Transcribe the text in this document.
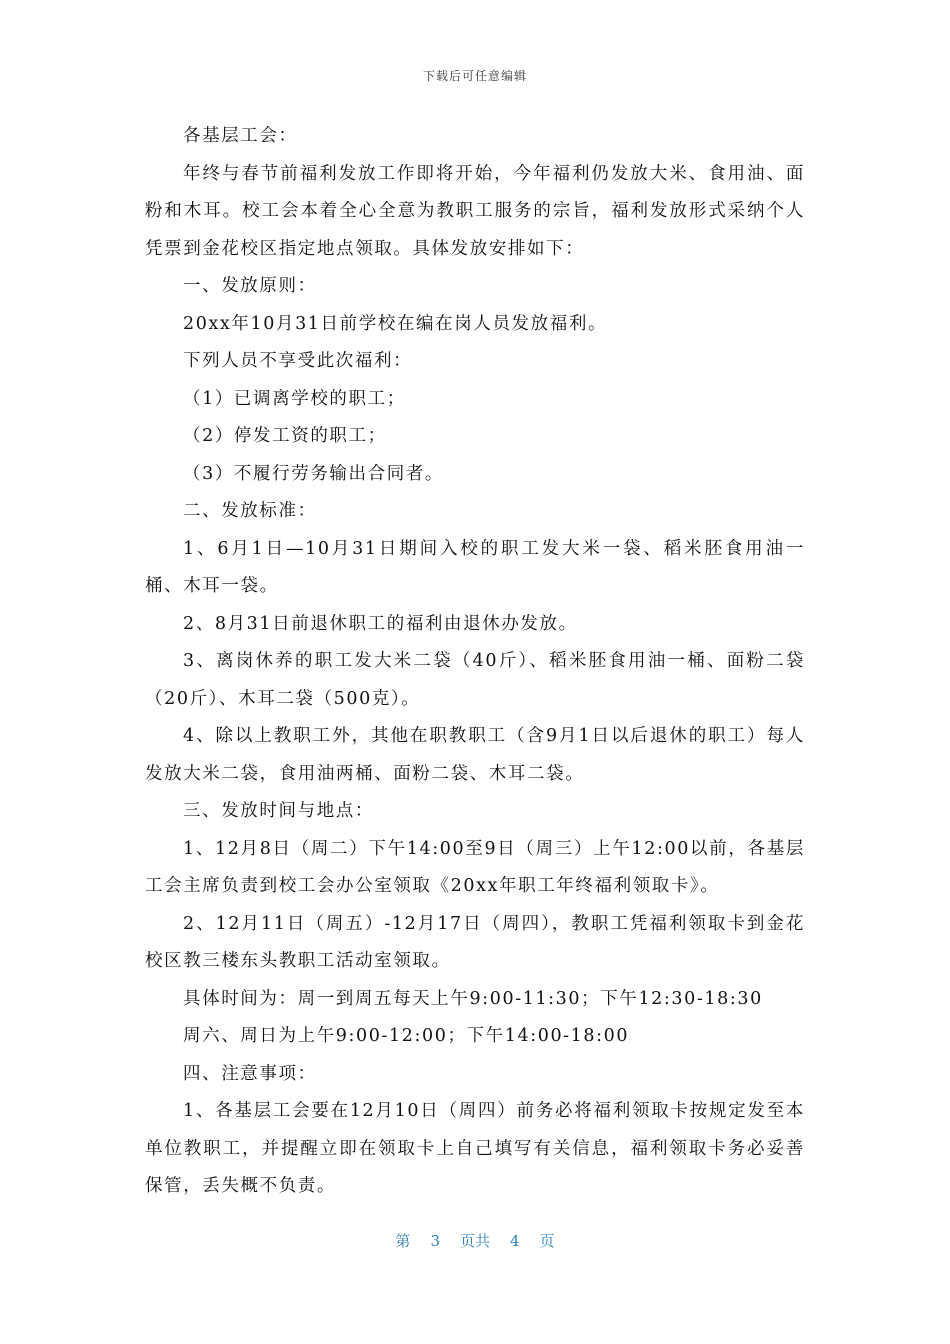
下载后可任意编辑

各基层工会：

年终与春节前福利发放工作即将开始，今年福利仍发放大米、食用油、面粉和木耳。校工会本着全心全意为教职工服务的宗旨，福利发放形式采纳个人凭票到金花校区指定地点领取。具体发放安排如下：

一、发放原则：

20xx年10月31日前学校在编在岗人员发放福利。

下列人员不享受此次福利：

（1）已调离学校的职工；

（2）停发工资的职工；

（3）不履行劳务输出合同者。

二、发放标准：

1、6月1日—10月31日期间入校的职工发大米一袋、稻米胚食用油一桶、木耳一袋。

2、8月31日前退休职工的福利由退休办发放。

3、离岗休养的职工发大米二袋（40斤）、稻米胚食用油一桶、面粉二袋（20斤）、木耳二袋（500克）。

4、除以上教职工外，其他在职教职工（含9月1日以后退休的职工）每人发放大米二袋，食用油两桶、面粉二袋、木耳二袋。

三、发放时间与地点：

1、12月8日（周二）下午14:00至9日（周三）上午12:00以前，各基层工会主席负责到校工会办公室领取《20xx年职工年终福利领取卡》。

2、12月11日（周五）-12月17日（周四），教职工凭福利领取卡到金花校区教三楼东头教职工活动室领取。

具体时间为：周一到周五每天上午9:00-11:30；下午12:30-18:30

周六、周日为上午9:00-12:00；下午14:00-18:00

四、注意事项：

1、各基层工会要在12月10日（周四）前务必将福利领取卡按规定发至本单位教职工，并提醒立即在领取卡上自己填写有关信息，福利领取卡务必妥善保管，丢失概不负责。

第 3 页共 4 页
